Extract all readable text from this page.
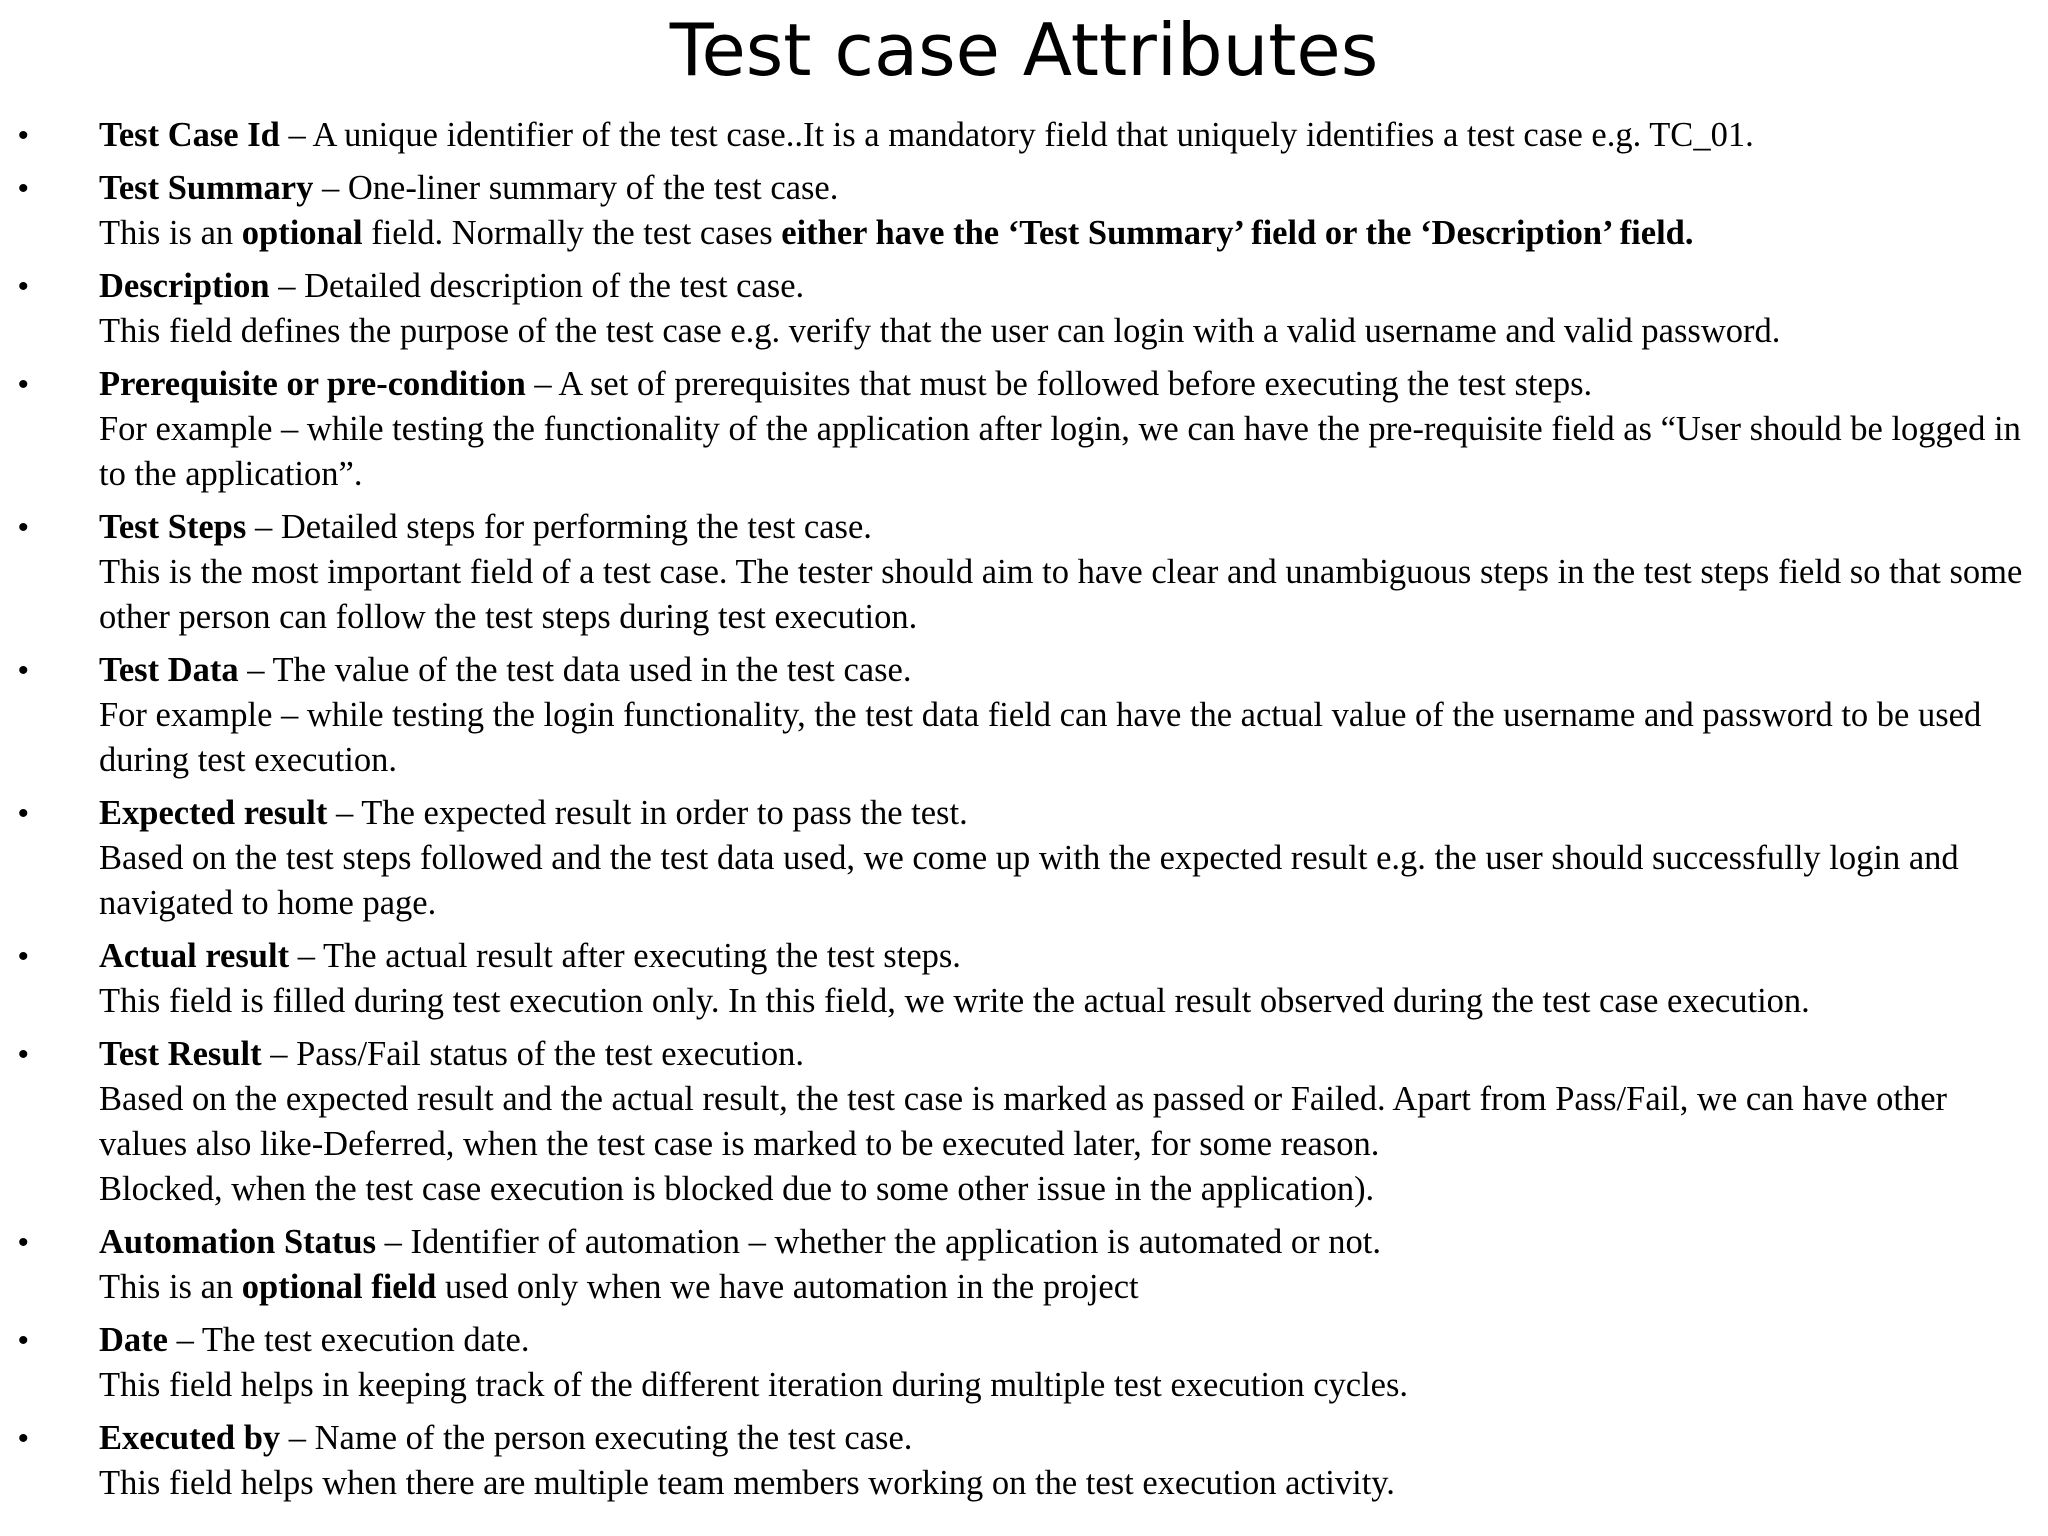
Test case Attributes
• Test Case Id – A unique identifier of the test case..It is a mandatory field that uniquely identifies a test case e.g. TC_01.
• Test Summary – One-liner summary of the test case.
This is an optional field. Normally the test cases either have the ‘Test Summary’ field or the ‘Description’ field.
• Description – Detailed description of the test case.
This field defines the purpose of the test case e.g. verify that the user can login with a valid username and valid password.
• Prerequisite or pre-condition – A set of prerequisites that must be followed before executing the test steps.
For example – while testing the functionality of the application after login, we can have the pre-requisite field as “User should be logged in to the application”.
• Test Steps – Detailed steps for performing the test case.
This is the most important field of a test case. The tester should aim to have clear and unambiguous steps in the test steps field so that some other person can follow the test steps during test execution.
• Test Data – The value of the test data used in the test case.
For example – while testing the login functionality, the test data field can have the actual value of the username and password to be used during test execution.
• Expected result – The expected result in order to pass the test.
Based on the test steps followed and the test data used, we come up with the expected result e.g. the user should successfully login and navigated to home page.
• Actual result – The actual result after executing the test steps.
This field is filled during test execution only. In this field, we write the actual result observed during the test case execution.
• Test Result – Pass/Fail status of the test execution.
Based on the expected result and the actual result, the test case is marked as passed or Failed. Apart from Pass/Fail, we can have other values also like-Deferred, when the test case is marked to be executed later, for some reason.
Blocked, when the test case execution is blocked due to some other issue in the application).
• Automation Status – Identifier of automation – whether the application is automated or not.
This is an optional field used only when we have automation in the project
• Date – The test execution date.
This field helps in keeping track of the different iteration during multiple test execution cycles.
• Executed by – Name of the person executing the test case.
This field helps when there are multiple team members working on the test execution activity.
